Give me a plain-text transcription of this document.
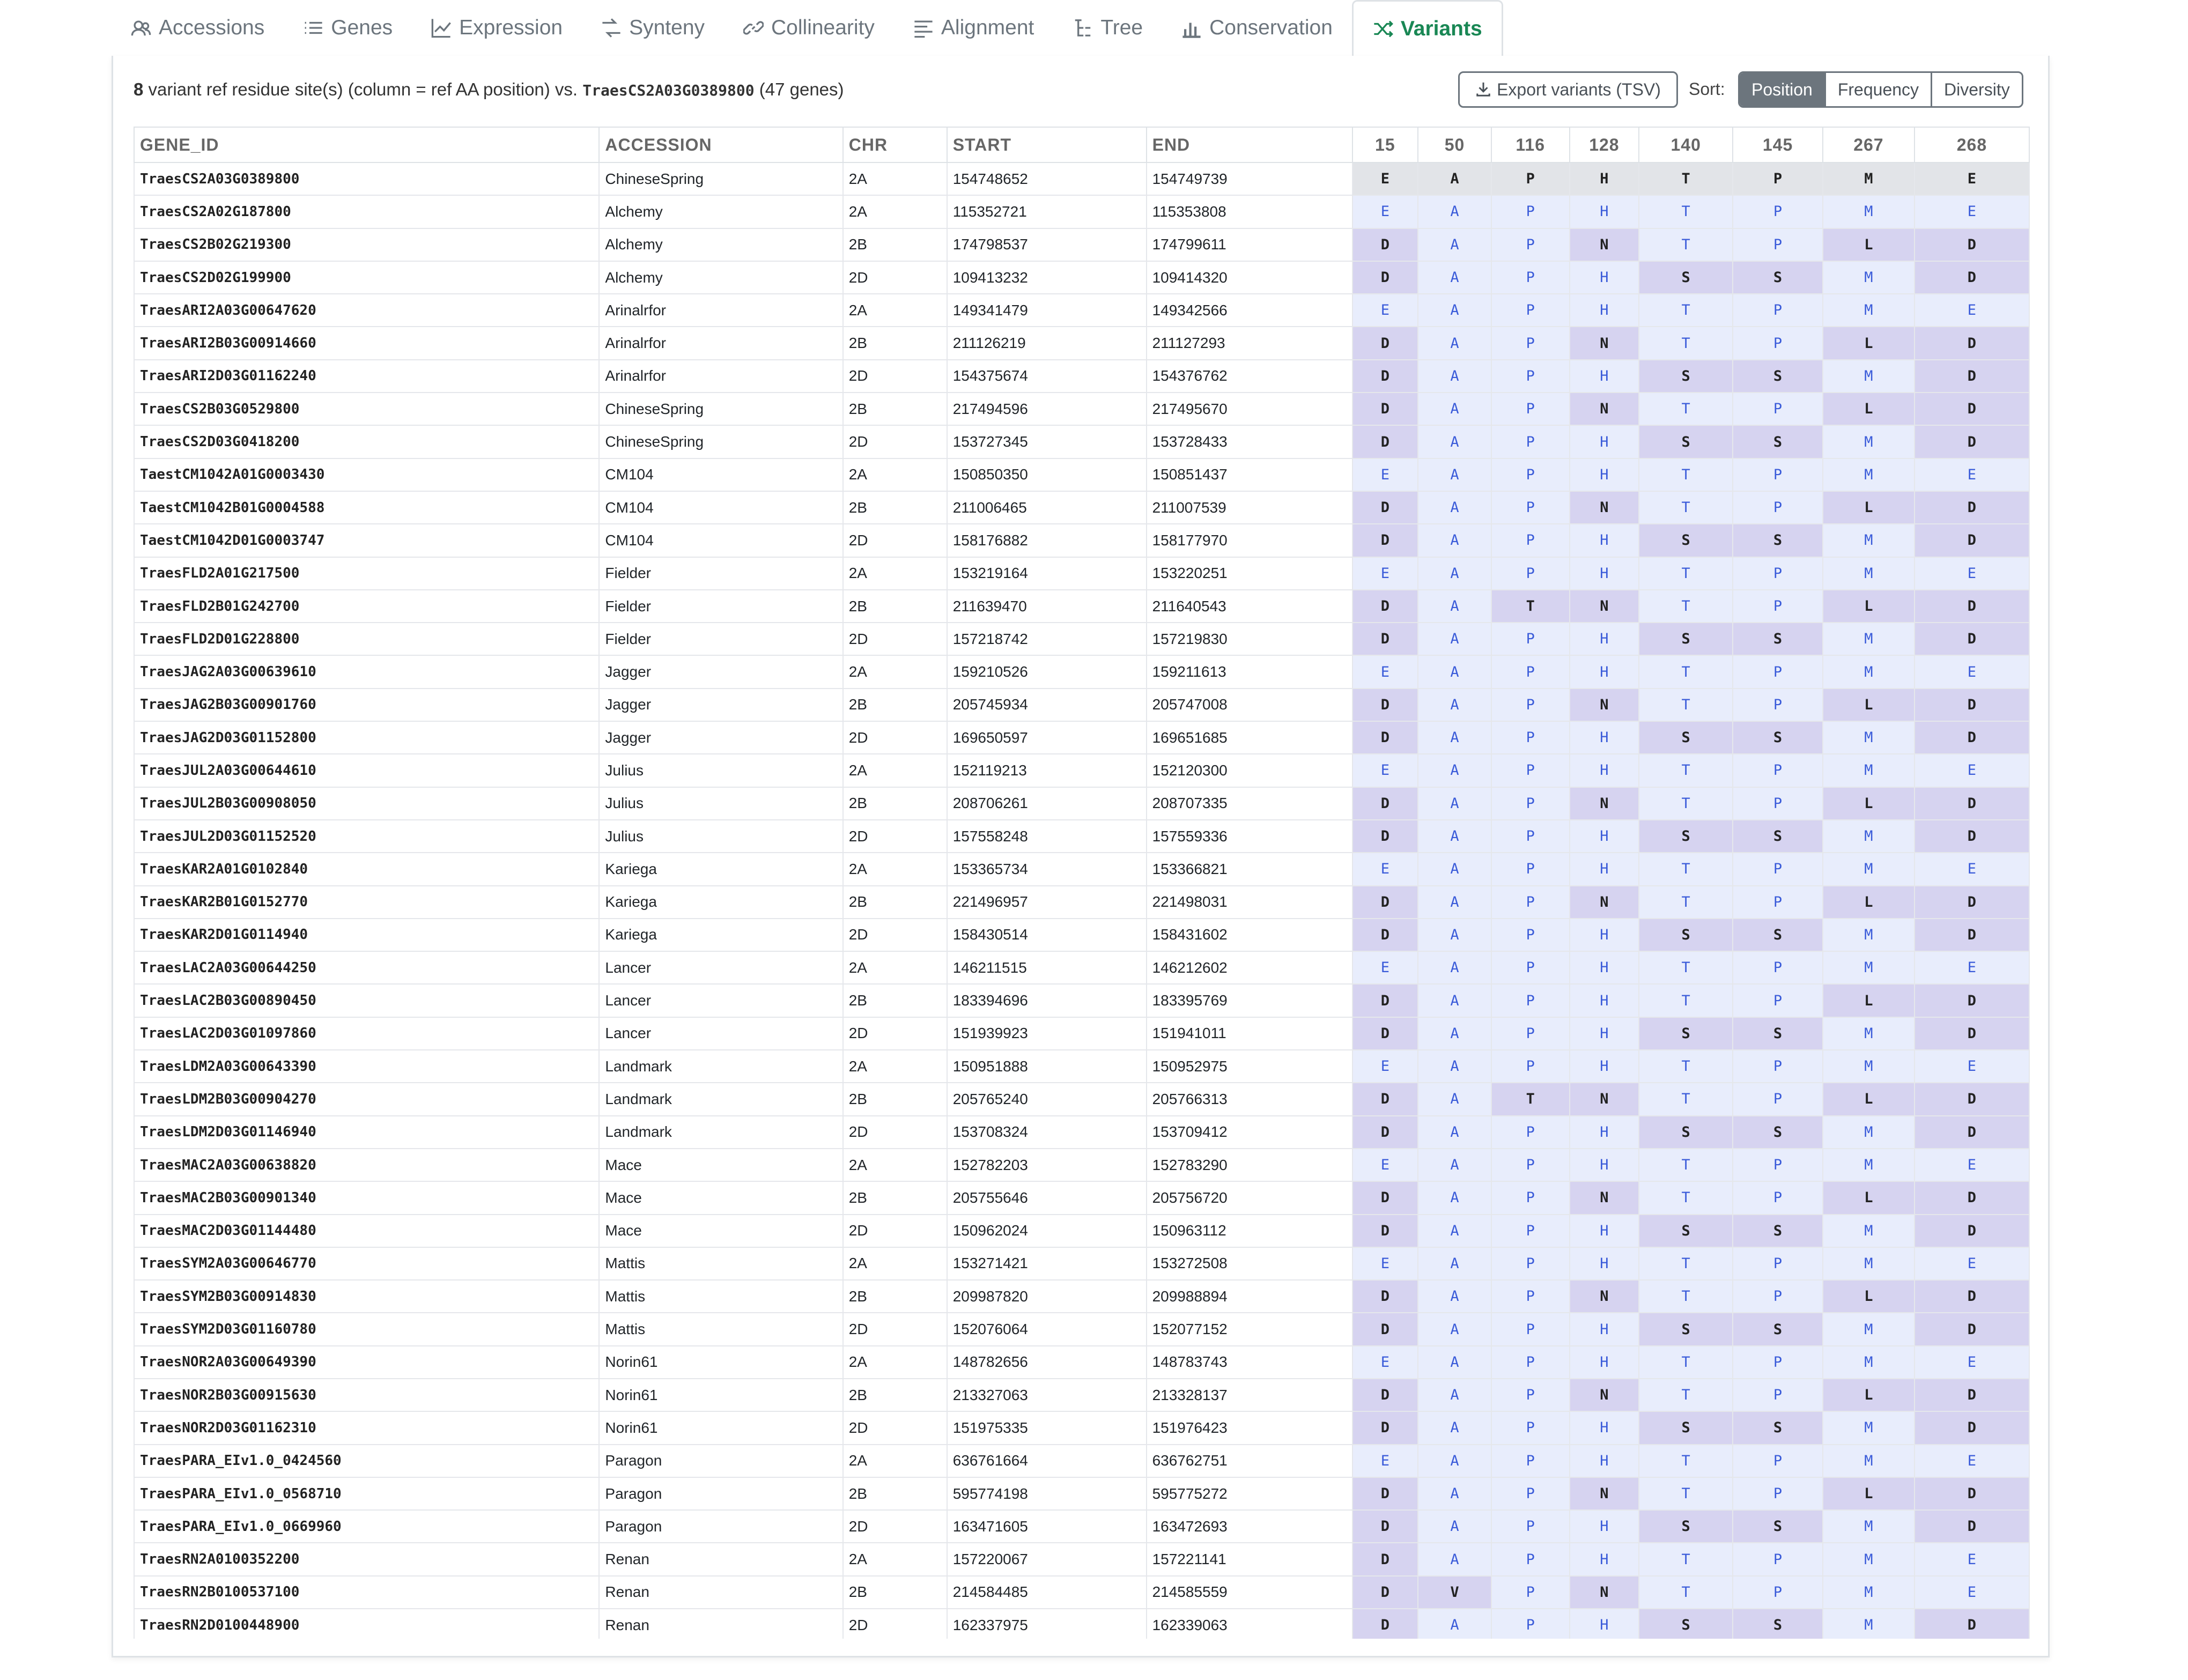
Accessions	Genes	Expression	Synteny	Collinearity	Alignment	Tree	Conservation	Variants
8 variant ref residue site(s) (column = ref AA position) vs. TraesCS2A03G0389800 (47 genes)	Export variants (TSV) Sort:	Position	Frequency	Diversity
GENE_ID	ACCESSION	CHR	START	END	15	50	116	128	140	145	267	268
TraesCS2A03G0389800	ChineseSpring	2A	154748652	154749739	E	A	P	H	T	P	M	E
TraesCS2A02G187800	Alchemy	2A	115352721	115353808	E	A	P	H	T	P	M	E
TraesCS2B02G219300	Alchemy	2B	174798537	174799611	D	A	P	N	T	P	L	D
TraesCS2D02G199900	Alchemy	2D	109413232	109414320	D	A	P	H	S	S	M	D
TraesARI2A03G00647620	Arinalrfor	2A	149341479	149342566	E	A	P	H	T	P	M	E
TraesARI2B03G00914660	Arinalrfor	2B	211126219	211127293	D	A	P	N	T	P	L	D
TraesARI2D03G01162240	Arinalrfor	2D	154375674	154376762	D	A	P	H	S	S	M	D
TraesCS2B03G0529800	ChineseSpring	2B	217494596	217495670	D	A	P	N	T	P	L	D
TraesCS2D03G0418200	ChineseSpring	2D	153727345	153728433	D	A	P	H	S	S	M	D
TaestCM1042A01G0003430	CM104	2A	150850350	150851437	E	A	P	H	T	P	M	E
TaestCM1042B01G0004588	CM104	2B	211006465	211007539	D	A	P	N	T	P	L	D
TaestCM1042D01G0003747	CM104	2D	158176882	158177970	D	A	P	H	S	S	M	D
TraesFLD2A01G217500	Fielder	2A	153219164	153220251	E	A	P	H	T	P	M	E
TraesFLD2B01G242700	Fielder	2B	211639470	211640543	D	A	T	N	T	P	L	D
TraesFLD2D01G228800	Fielder	2D	157218742	157219830	D	A	P	H	S	S	M	D
TraesJAG2A03G00639610	Jagger	2A	159210526	159211613	E	A	P	H	T	P	M	E
TraesJAG2B03G00901760	Jagger	2B	205745934	205747008	D	A	P	N	T	P	L	D
TraesJAG2D03G01152800	Jagger	2D	169650597	169651685	D	A	P	H	S	S	M	D
TraesJUL2A03G00644610	Julius	2A	152119213	152120300	E	A	P	H	T	P	M	E
TraesJUL2B03G00908050	Julius	2B	208706261	208707335	D	A	P	N	T	P	L	D
TraesJUL2D03G01152520	Julius	2D	157558248	157559336	D	A	P	H	S	S	M	D
TraesKAR2A01G0102840	Kariega	2A	153365734	153366821	E	A	P	H	T	P	M	E
TraesKAR2B01G0152770	Kariega	2B	221496957	221498031	D	A	P	N	T	P	L	D
TraesKAR2D01G0114940	Kariega	2D	158430514	158431602	D	A	P	H	S	S	M	D
TraesLAC2A03G00644250	Lancer	2A	146211515	146212602	E	A	P	H	T	P	M	E
TraesLAC2B03G00890450	Lancer	2B	183394696	183395769	D	A	P	H	T	P	L	D
TraesLAC2D03G01097860	Lancer	2D	151939923	151941011	D	A	P	H	S	S	M	D
TraesLDM2A03G00643390	Landmark	2A	150951888	150952975	E	A	P	H	T	P	M	E
TraesLDM2B03G00904270	Landmark	2B	205765240	205766313	D	A	T	N	T	P	L	D
TraesLDM2D03G01146940	Landmark	2D	153708324	153709412	D	A	P	H	S	S	M	D
TraesMAC2A03G00638820	Mace	2A	152782203	152783290	E	A	P	H	T	P	M	E
TraesMAC2B03G00901340	Mace	2B	205755646	205756720	D	A	P	N	T	P	L	D
TraesMAC2D03G01144480	Mace	2D	150962024	150963112	D	A	P	H	S	S	M	D
TraesSYM2A03G00646770	Mattis	2A	153271421	153272508	E	A	P	H	T	P	M	E
TraesSYM2B03G00914830	Mattis	2B	209987820	209988894	D	A	P	N	T	P	L	D
TraesSYM2D03G01160780	Mattis	2D	152076064	152077152	D	A	P	H	S	S	M	D
TraesNOR2A03G00649390	Norin61	2A	148782656	148783743	E	A	P	H	T	P	M	E
TraesNOR2B03G00915630	Norin61	2B	213327063	213328137	D	A	P	N	T	P	L	D
TraesNOR2D03G01162310	Norin61	2D	151975335	151976423	D	A	P	H	S	S	M	D
TraesPARA_EIv1.0_0424560	Paragon	2A	636761664	636762751	E	A	P	H	T	P	M	E
TraesPARA_EIv1.0_0568710	Paragon	2B	595774198	595775272	D	A	P	N	T	P	L	D
TraesPARA_EIv1.0_0669960	Paragon	2D	163471605	163472693	D	A	P	H	S	S	M	D
TraesRN2A0100352200	Renan	2A	157220067	157221141	D	A	P	H	T	P	M	E
TraesRN2B0100537100	Renan	2B	214584485	214585559	D	V	P	N	T	P	M	E
TraesRN2D0100448900	Renan	2D	162337975	162339063	D	A	P	H	S	S	M	D
